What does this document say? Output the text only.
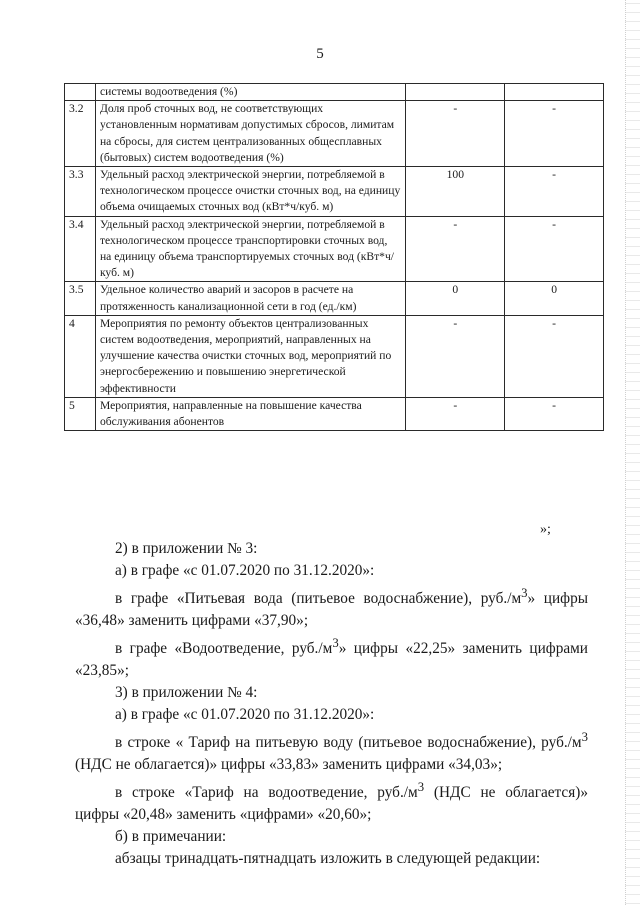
5
	системы водоотведения (%)		
3.2	Доля проб сточных вод, не соответствующих установленным нормативам допустимых сбросов, лимитам на сбросы, для систем централизованных общесплавных (бытовых) систем водоотведения (%)	-	-
3.3	Удельный расход электрической энергии, потребляемой в технологическом процессе очистки сточных вод, на единицу объема очищаемых сточных вод (кВт*ч/куб. м)	100	-
3.4	Удельный расход электрической энергии, потребляемой в технологическом процессе транспортировки сточных вод, на единицу объема транспортируемых сточных вод (кВт*ч/куб. м)	-	-
3.5	Удельное количество аварий и засоров в расчете на протяженность канализационной сети в год (ед./км)	0	0
4	Мероприятия по ремонту объектов централизованных систем водоотведения, мероприятий, направленных на улучшение качества очистки сточных вод, мероприятий по энергосбережению и повышению энергетической эффективности	-	-
5	Мероприятия, направленные на повышение качества обслуживания абонентов	-	-
»;

2) в приложении № 3:

а) в графе «с 01.07.2020 по 31.12.2020»:

в графе «Питьевая вода (питьевое водоснабжение), $руб./м^3$» цифры «36,48» заменить цифрами «37,90»;

в графе «Водоотведение, $руб./м^3$» цифры «22,25» заменить цифрами «23,85»;

3) в приложении № 4:

а) в графе «с 01.07.2020 по 31.12.2020»:

в строке « Тариф на питьевую воду (питьевое водоснабжение), $руб./м^3$ (НДС не облагается)» цифры «33,83» заменить цифрами «34,03»;

в строке «Тариф на водоотведение, $руб./м^3$ (НДС не облагается)» цифры «20,48» заменить «цифрами» «20,60»;

б) в примечании:

абзацы тринадцать-пятнадцать изложить в следующей редакции:
